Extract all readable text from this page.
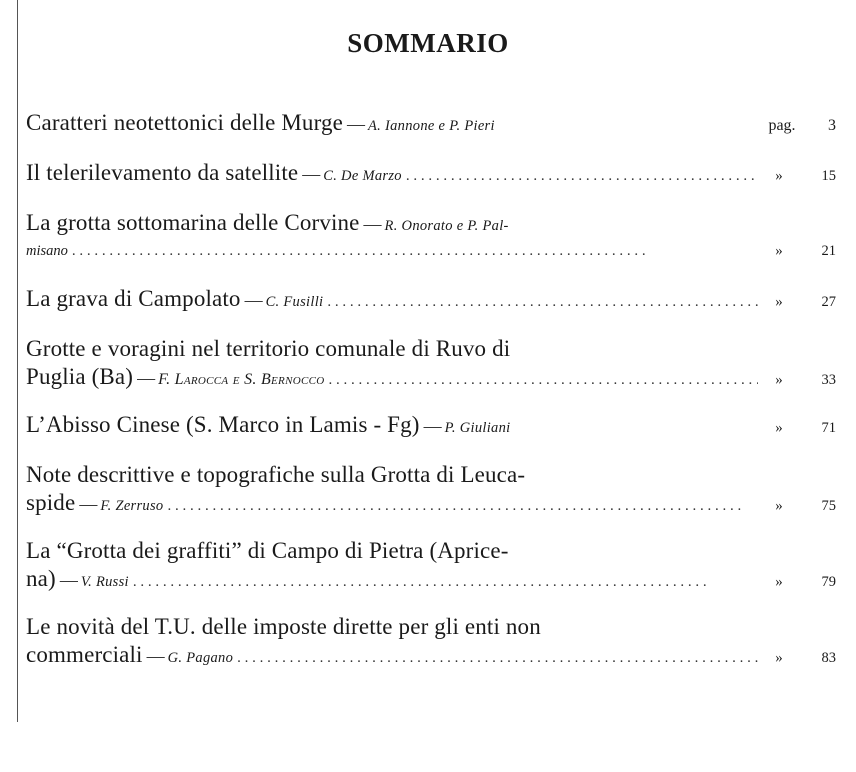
SOMMARIO
Caratteri neotettonici delle Murge — A. Iannone e P. Pieri	pag.	3
Il telerilevamento da satellite — C. De Marzo . . .	»	15
La grotta sottomarina delle Corvine — R. Onorato e P. Pal-
misano . . .	»	21
La grava di Campolato — C. Fusilli . . .	»	27
Grotte e voragini nel territorio comunale di Ruvo di
Puglia (Ba) — F. Larocca e S. Bernocco . . .	»	33
L’Abisso Cinese (S. Marco in Lamis - Fg) — P. Giuliani	»	71
Note descrittive e topografiche sulla Grotta di Leuca-
spide — F. Zerruso . . .	»	75
La “Grotta dei graffiti” di Campo di Pietra (Aprice-
na) — V. Russi . . .	»	79
Le novità del T.U. delle imposte dirette per gli enti non
commerciali — G. Pagano . . .	»	83
